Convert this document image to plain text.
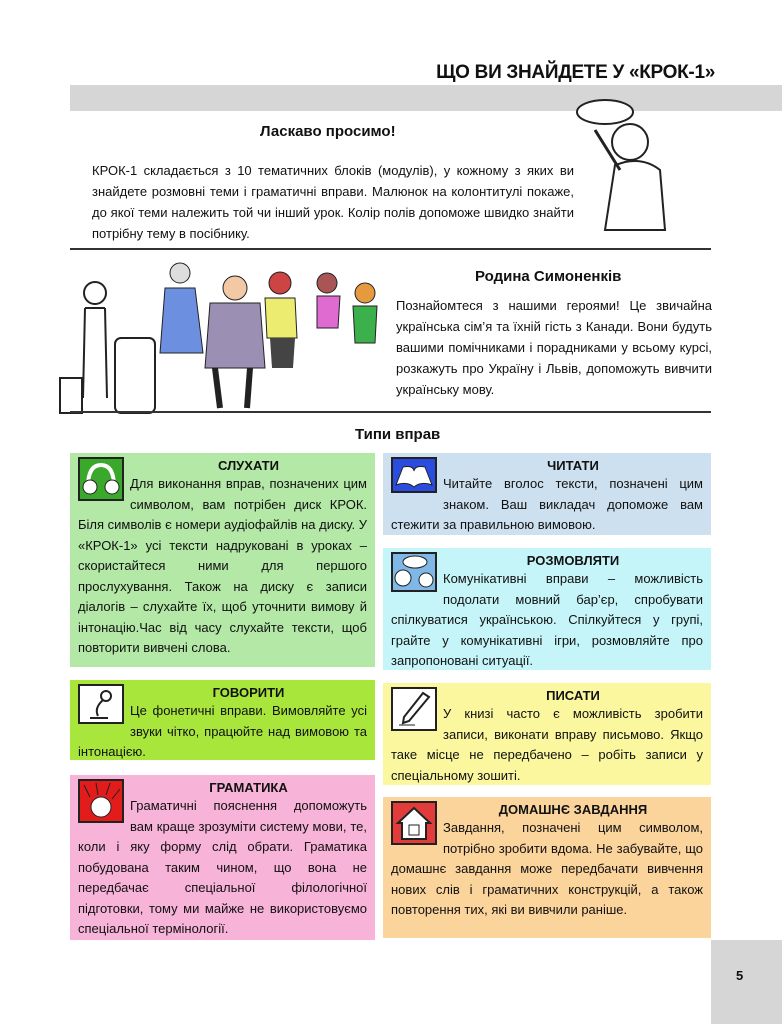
ЩО ВИ ЗНАЙДЕТЕ У «КРОК-1»
Ласкаво просимо!
КРОК-1 складається з 10 тематичних блоків (модулів), у кожному з яких ви знайдете розмовні теми і граматичні вправи. Малюнок на колонтитулі покаже, до якої теми належить той чи інший урок. Колір полів допоможе швидко знайти потрібну тему в посібнику.
Родина Симоненків
Познайомтеся з нашими героями! Це звичайна українська сім’я та їхній гість з Канади. Вони будуть вашими помічниками і порадниками у всьому курсі, розкажуть про Україну і Львів, допоможуть вивчити українську мову.
Типи вправ
СЛУХАТИ

Для виконання вправ, позначених цим символом, вам потрібен диск КРОК. Біля символів є номери аудіофайлів на диску. У «КРОК-1» усі тексти надруковані в уроках – скористайтеся ними для першого прослухування. Також на диску є записи діалогів – слухайте їх, щоб уточнити вимову й інтонацію.Час від часу слухайте тексти, щоб повторити вивчені слова.

ГОВОРИТИ

Це фонетичні вправи. Вимовляйте усі звуки чітко, працюйте над вимовою та інтонацією.

ГРАМАТИКА

Граматичні пояснення допоможуть вам краще зрозуміти систему мови, те, коли і яку форму слід обрати. Граматика побудована таким чином, що вона не передбачає спеціальної філологічної підготовки, тому ми майже не використовуємо спеціальної термінології.

ЧИТАТИ

Читайте вголос тексти, позначені цим знаком. Ваш викладач допоможе вам стежити за правильною вимовою.

РОЗМОВЛЯТИ

Комунікативні вправи – можливість подолати мовний бар’єр, спробувати спілкуватися українською. Спілкуйтеся у групі, грайте у комунікативні ігри, розмовляйте про запропоновані ситуації.

ПИСАТИ

У книзі часто є можливість зробити записи, виконати вправу письмово. Якщо таке місце не передбачено – робіть записи у спеціальному зошиті.

ДОМАШНЄ ЗАВДАННЯ

Завдання, позначені цим символом, потрібно зробити вдома. Не забувайте, що домашнє завдання може передбачати вивчення нових слів і граматичних конструкцій, а також повторення тих, які ви вивчили раніше.

5
